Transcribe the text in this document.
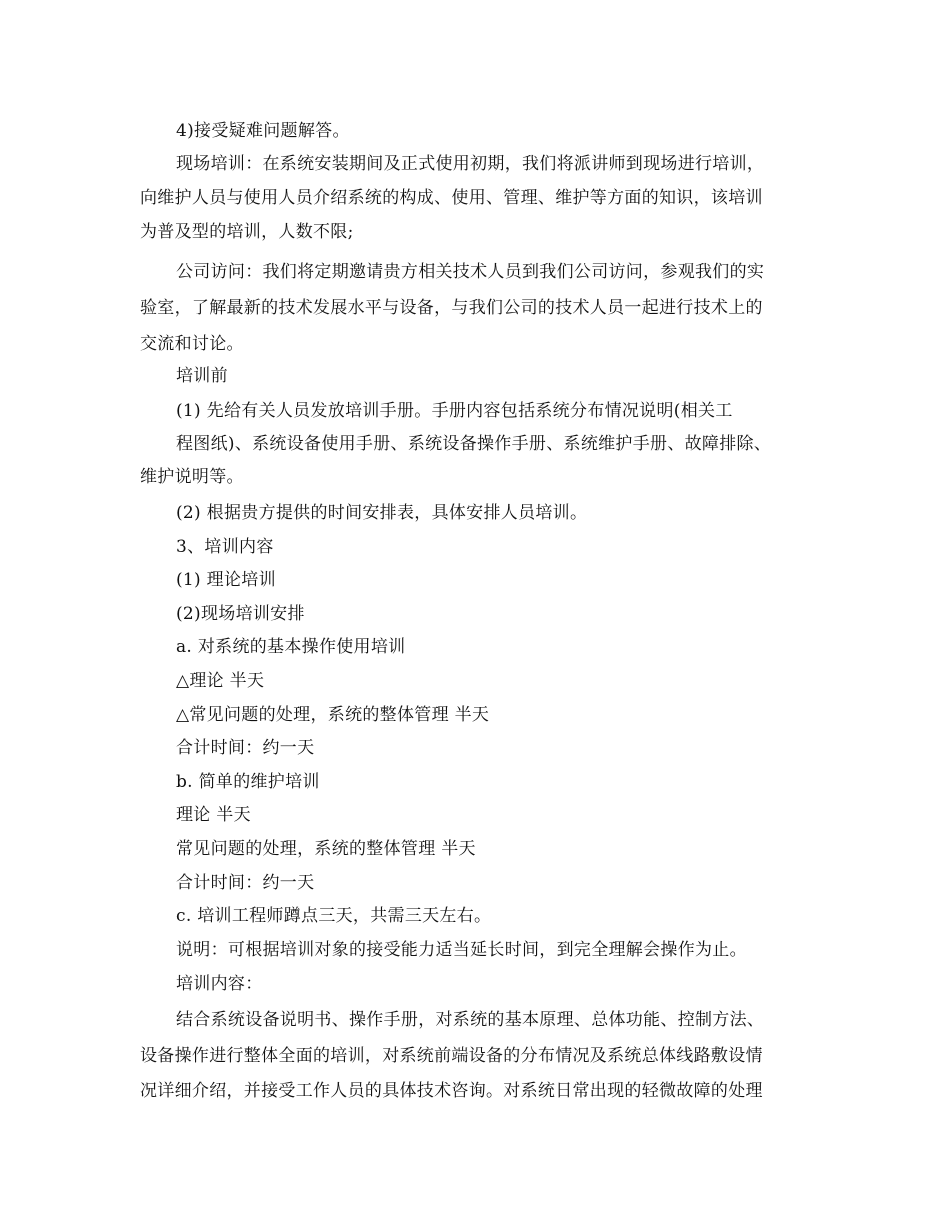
4)接受疑难问题解答。
现场培训：在系统安装期间及正式使用初期，我们将派讲师到现场进行培训，
向维护人员与使用人员介绍系统的构成、使用、管理、维护等方面的知识，该培训
为普及型的培训，人数不限;
公司访问：我们将定期邀请贵方相关技术人员到我们公司访问，参观我们的实
验室，了解最新的技术发展水平与设备，与我们公司的技术人员一起进行技术上的
交流和讨论。
培训前
(1) 先给有关人员发放培训手册。手册内容包括系统分布情况说明(相关工
程图纸)、系统设备使用手册、系统设备操作手册、系统维护手册、故障排除、
维护说明等。
(2) 根据贵方提供的时间安排表，具体安排人员培训。
3、培训内容
(1) 理论培训
(2)现场培训安排
a. 对系统的基本操作使用培训
△理论 半天
△常见问题的处理，系统的整体管理 半天
合计时间：约一天
b. 简单的维护培训
理论 半天
常见问题的处理，系统的整体管理 半天
合计时间：约一天
c. 培训工程师蹲点三天，共需三天左右。
说明：可根据培训对象的接受能力适当延长时间，到完全理解会操作为止。
培训内容：
结合系统设备说明书、操作手册，对系统的基本原理、总体功能、控制方法、
设备操作进行整体全面的培训，对系统前端设备的分布情况及系统总体线路敷设情
况详细介绍，并接受工作人员的具体技术咨询。对系统日常出现的轻微故障的处理
